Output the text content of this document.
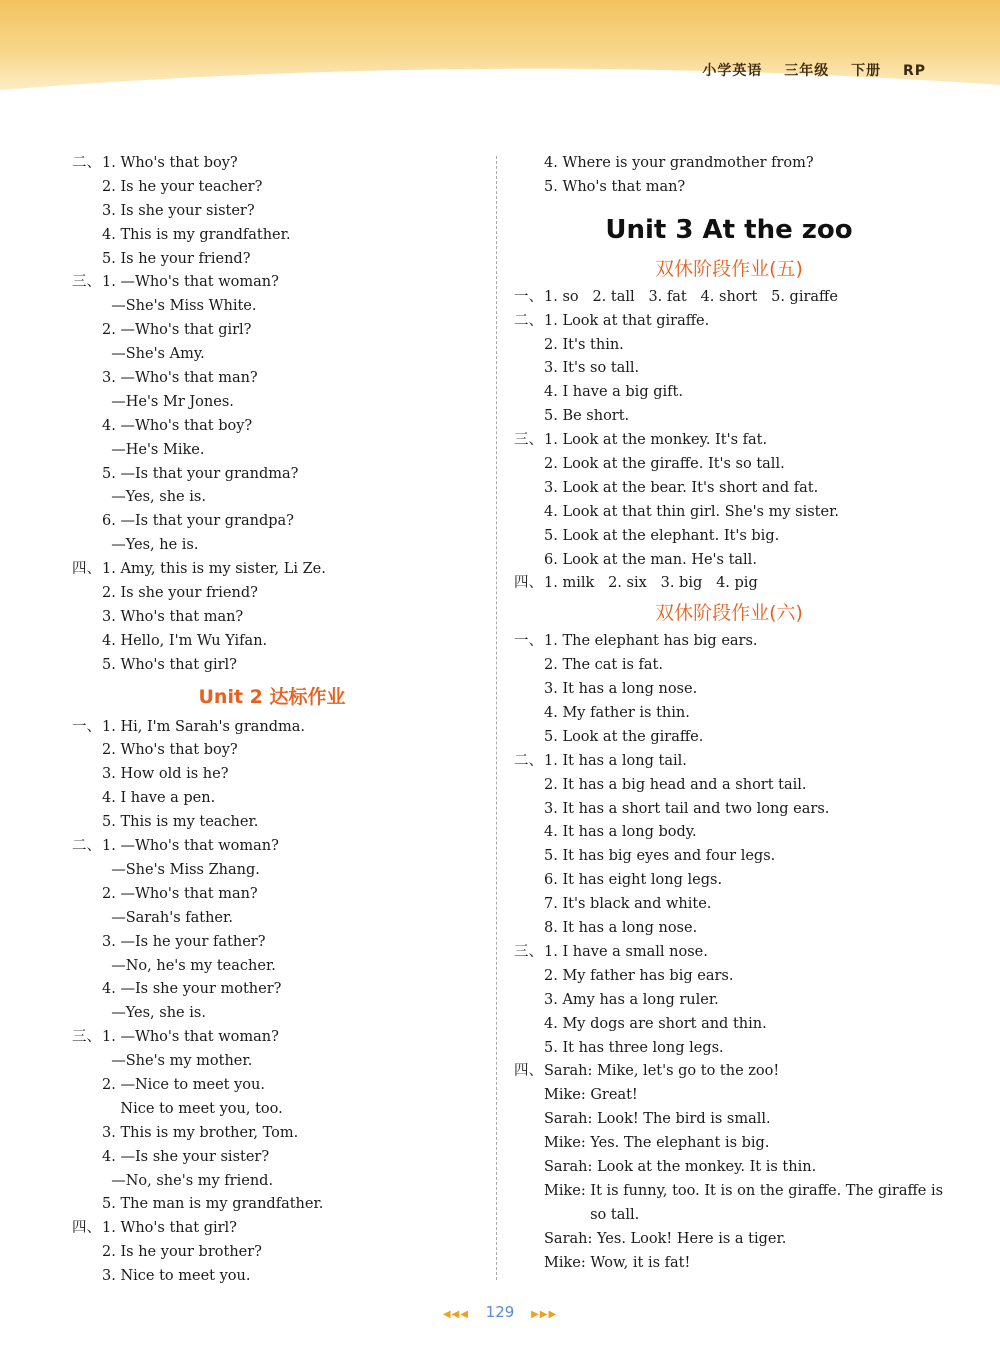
小学英语 三年级 下册 RP
二、 1. Who's that boy?
2. Is he your teacher?
3. Is she your sister?
4. This is my grandfather.
5. Is he your friend?
三、 1. —Who's that woman?
—She's Miss White.
2. —Who's that girl?
—She's Amy.
3. —Who's that man?
—He's Mr Jones.
4. —Who's that boy?
—He's Mike.
5. —Is that your grandma?
—Yes, she is.
6. —Is that your grandpa?
—Yes, he is.
四、 1. Amy, this is my sister, Li Ze.
2. Is she your friend?
3. Who's that man?
4. Hello, I'm Wu Yifan.
5. Who's that girl?
Unit 2 达标作业
一、 1. Hi, I'm Sarah's grandma.
2. Who's that boy?
3. How old is he?
4. I have a pen.
5. This is my teacher.
二、 1. —Who's that woman?
—She's Miss Zhang.
2. —Who's that man?
—Sarah's father.
3. —Is he your father?
—No, he's my teacher.
4. —Is she your mother?
—Yes, she is.
三、 1. —Who's that woman?
—She's my mother.
2. —Nice to meet you.
Nice to meet you, too.
3. This is my brother, Tom.
4. —Is she your sister?
—No, she's my friend.
5. The man is my grandfather.
四、 1. Who's that girl?
2. Is he your brother?
3. Nice to meet you.
4. Where is your grandmother from?
5. Who's that man?
Unit 3 At the zoo
双休阶段作业(五)
一、 1. so   2. tall   3. fat   4. short   5. giraffe
二、 1. Look at that giraffe.
2. It's thin.
3. It's so tall.
4. I have a big gift.
5. Be short.
三、 1. Look at the monkey. It's fat.
2. Look at the giraffe. It's so tall.
3. Look at the bear. It's short and fat.
4. Look at that thin girl. She's my sister.
5. Look at the elephant. It's big.
6. Look at the man. He's tall.
四、 1. milk   2. six   3. big   4. pig
双休阶段作业(六)
一、 1. The elephant has big ears.
2. The cat is fat.
3. It has a long nose.
4. My father is thin.
5. Look at the giraffe.
二、 1. It has a long tail.
2. It has a big head and a short tail.
3. It has a short tail and two long ears.
4. It has a long body.
5. It has big eyes and four legs.
6. It has eight long legs.
7. It's black and white.
8. It has a long nose.
三、 1. I have a small nose.
2. My father has big ears.
3. Amy has a long ruler.
4. My dogs are short and thin.
5. It has three long legs.
四、 Sarah: Mike, let's go to the zoo!
Mike: Great!
Sarah: Look! The bird is small.
Mike: Yes. The elephant is big.
Sarah: Look at the monkey. It is thin.
Mike: It is funny, too. It is on the giraffe. The giraffe is
so tall.
Sarah: Yes. Look! Here is a tiger.
Mike: Wow, it is fat!
◀◀◀ 129 ▶▶▶
